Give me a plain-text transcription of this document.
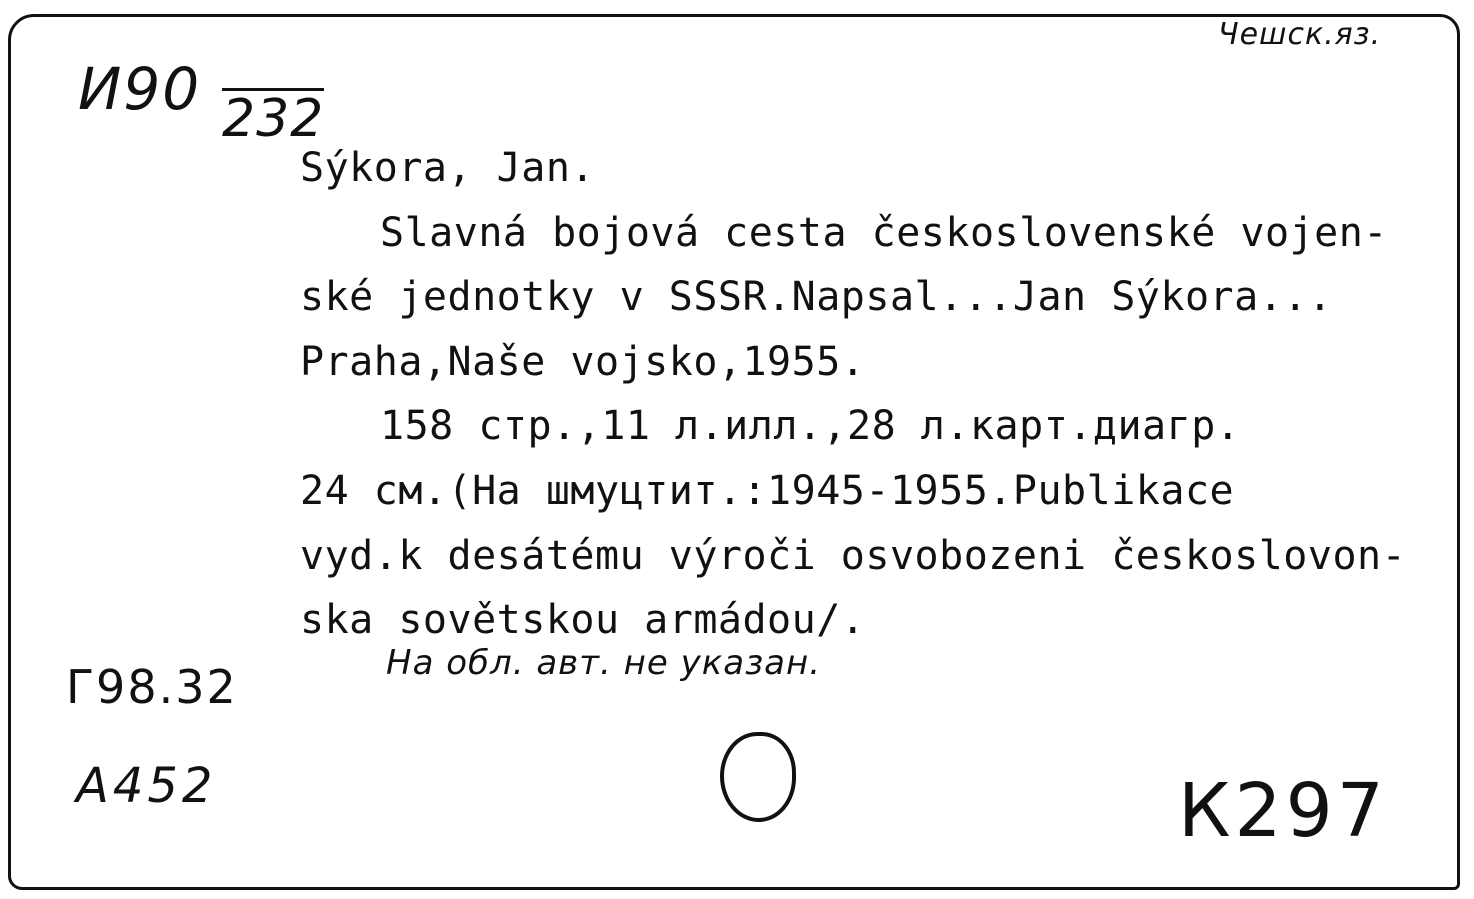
И90 232
Чешск.яз.
Sýkora, Jan.
Slavná bojová cesta československé vojen-
ské jednotky v SSSR.Napsal...Jan Sýkora...
Praha,Naše vojsko,1955.
158 стр.,11 л.илл.,28 л.карт.диагр.
24 см.(На шмуцтит.:1945-1955.Publikace
vyd.k desátému výroči osvobozeni českoslovon-
ska sovětskou armádou/.
Г98.32	На обл. авт. не указан.
А452	К297
